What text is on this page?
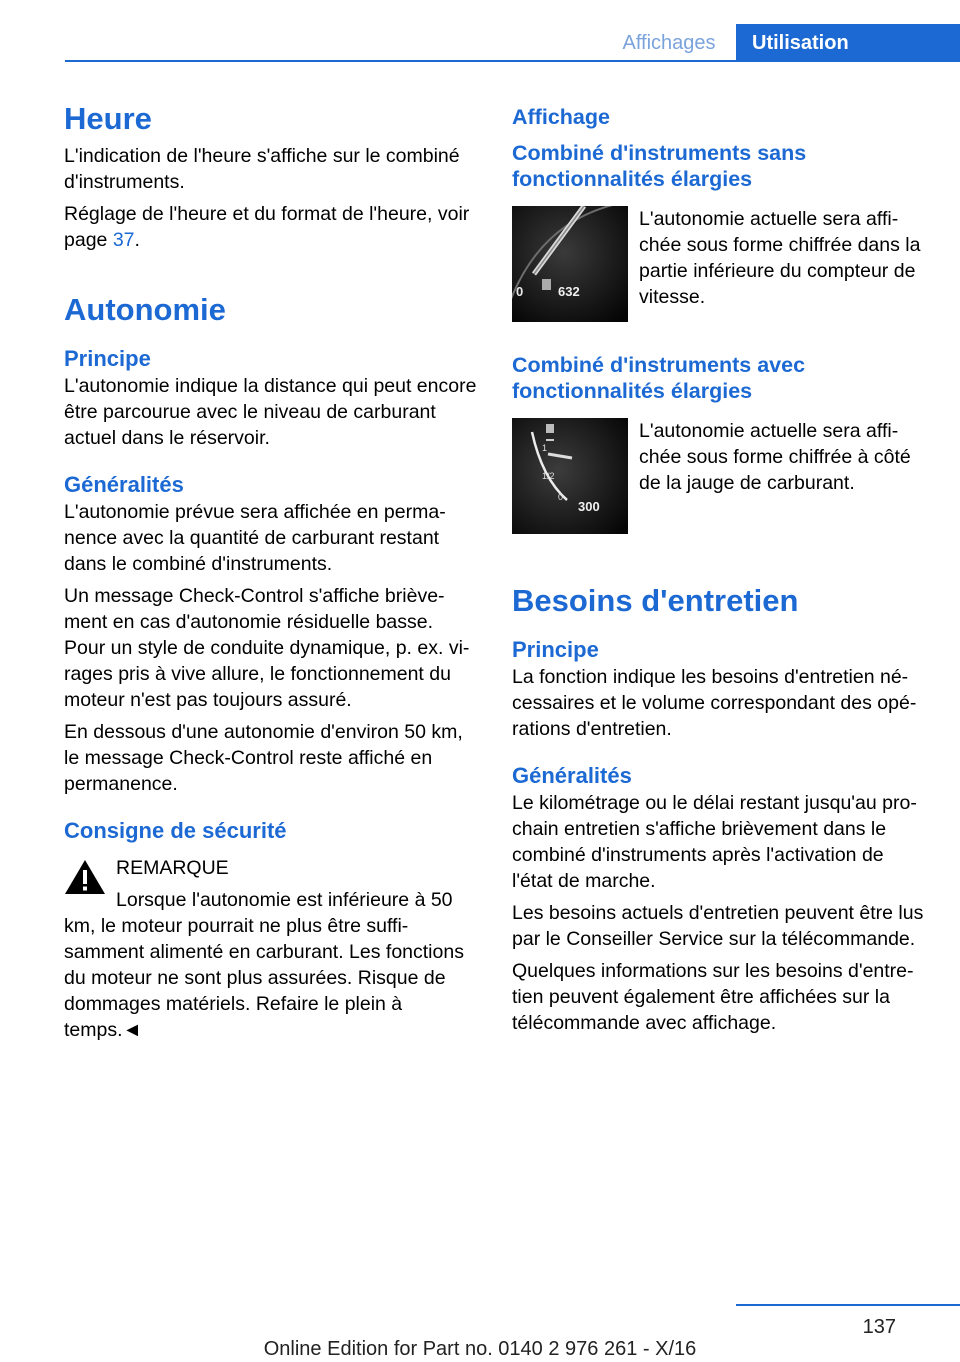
Affichages	Utilisation
Heure

L'indication de l'heure s'affiche sur le combiné d'instruments.

Réglage de l'heure et du format de l'heure, voir page 37.

Autonomie
Principe

L'autonomie indique la distance qui peut encore être parcourue avec le niveau de carburant actuel dans le réservoir.

Généralités

L'autonomie prévue sera affichée en permanence avec la quantité de carburant restant dans le combiné d'instruments.

Un message Check-Control s'affiche brièvement en cas d'autonomie résiduelle basse. Pour un style de conduite dynamique, p. ex. virages pris à vive allure, le fonctionnement du moteur n'est pas toujours assuré.

En dessous d'une autonomie d'environ 50 km, le message Check-Control reste affiché en permanence.

Consigne de sécurité

REMARQUE

Lorsque l'autonomie est inférieure à 50 km, le moteur pourrait ne plus être suffisamment alimenté en carburant. Les fonctions du moteur ne sont plus assurées. Risque de dommages matériels. Refaire le plein à temps.◄

Affichage
Combiné d'instruments sans fonctionnalités élargies
0	632

L'autonomie actuelle sera affichée sous forme chiffrée dans la partie inférieure du compteur de vitesse.

Combiné d'instruments avec fonctionnalités élargies
1
1/2
0
300

L'autonomie actuelle sera affichée sous forme chiffrée à côté de la jauge de carburant.

Besoins d'entretien
Principe

La fonction indique les besoins d'entretien nécessaires et le volume correspondant des opérations d'entretien.

Généralités

Le kilométrage ou le délai restant jusqu'au prochain entretien s'affiche brièvement dans le combiné d'instruments après l'activation de l'état de marche.

Les besoins actuels d'entretien peuvent être lus par le Conseiller Service sur la télécommande.

Quelques informations sur les besoins d'entretien peuvent également être affichées sur la télécommande avec affichage.

137
Online Edition for Part no. 0140 2 976 261 - X/16
